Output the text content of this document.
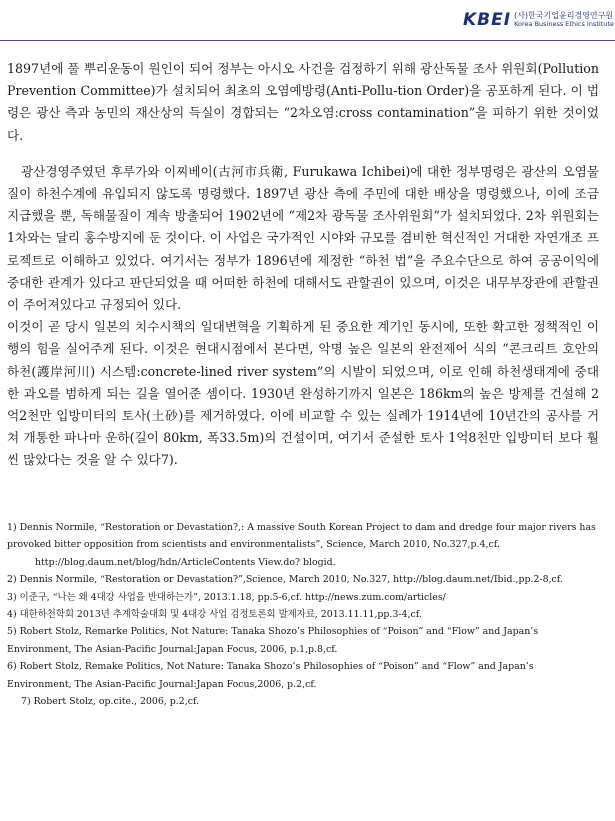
KBEI (사)한국기업윤리경영연구원
Korea Business Ethics Institute

1897년에 풀 뿌리운동이 원인이 되어 정부는 아시오 사건을 검정하기 위해 광산독물 조사 위원회(Pollution Prevention Committee)가 설치되어 최초의 오염예방령(Anti-Pollu-tion Order)을 공포하게 된다. 이 법령은 광산 측과 농민의 재산상의 득실이 경합되는 “2차오염:cross contamination”을 피하기 위한 것이었다.

광산경영주였던 후루가와 이찌베이(古河市兵衛, Furukawa Ichibei)에 대한 정부명령은 광산의 오염물질이 하천수계에 유입되지 않도록 명령했다. 1897년 광산 측에 주민에 대한 배상을 명령했으나, 이에 조금 지급했을 뿐, 독해물질이 계속 방출되어 1902년에 “제2차 광독물 조사위원회”가 설치되었다. 2차 위원회는 1차와는 달리 홍수방지에 둔 것이다. 이 사업은 국가적인 시야와 규모를 겸비한 혁신적인 거대한 자연개조 프로젝트로 이해하고 있었다. 여기서는 정부가 1896년에 제정한 “하천 법”을 주요수단으로 하여 공공이익에 중대한 관계가 있다고 판단되었을 때 어떠한 하천에 대해서도 관할권이 있으며, 이것은 내무부장관에 관할권이 주어져있다고 규정되어 있다.

이것이 곧 당시 일본의 치수시책의 일대변혁을 기획하게 된 중요한 계기인 동시에, 또한 확고한 정책적인 이행의 힘을 실어주게 된다. 이것은 현대시점에서 본다면, 악명 높은 일본의 완전제어 식의 “콘크리트 호안의 하천(護岸河川) 시스템:concrete-lined river system”의 시발이 되었으며, 이로 인해 하천생태계에 중대한 과오를 범하게 되는 길을 열어준 셈이다. 1930년 완성하기까지 일본은 186km의 높은 방제를 건설해 2억2천만 입방미터의 토사(土砂)를 제거하였다. 이에 비교할 수 있는 실례가 1914년에 10년간의 공사를 거쳐 개통한 파나마 운하(길이 80km, 폭33.5m)의 건설이며, 여기서 준설한 토사 1억8천만 입방미터 보다 훨씬 많았다는 것을 알 수 있다7).

1) Dennis Normile, “Restoration or Devastation?,: A massive South Korean Project to dam and dredge four major rivers has provoked bitter opposition from scientists and environmentalists”, Science, March 2010, No.327,p.4,cf.

http://blog.daum.net/blog/hdn/ArticleContents View.do? blogid.

2) Dennis Normile, “Restoration or Devastation?”,Science, March 2010, No.327, http://blog.daum.net/Ibid.,pp.2-8,cf.

3) 이준구, “나는 왜 4대강 사업을 반대하는가”, 2013.1.18, pp.5-6,cf. http://news.zum.com/articles/

4) 대한하천학회 2013년 추계학술대회 및 4대강 사업 검정토론회 발제자료, 2013.11.11,pp.3-4,cf.

5) Robert Stolz, Remarke Politics, Not Nature: Tanaka Shozo’s Philosophies of “Poison” and “Flow” and Japan’s Environment, The Asian-Pacific Journal:Japan Focus, 2006, p.1,p.8,cf.

6) Robert Stolz, Remake Politics, Not Nature: Tanaka Shozo’s Philosophies of “Poison” and “Flow” and Japan’s Environment, The Asian-Pacific Journal:Japan Focus,2006, p.2,cf.

7) Robert Stolz, op.cite., 2006, p.2,cf.
